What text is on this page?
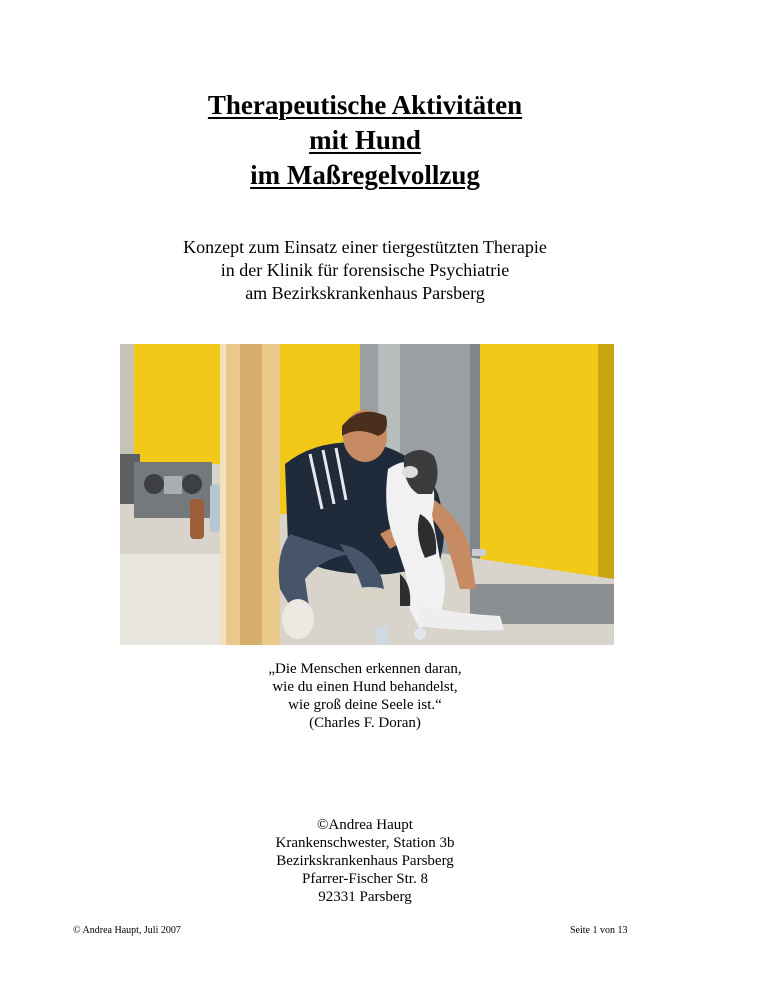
Therapeutische Aktivitäten
mit Hund
im Maßregelvollzug
Konzept zum Einsatz einer tiergestützten Therapie
in der Klinik für forensische Psychiatrie
am Bezirkskrankenhaus Parsberg
„Die Menschen erkennen daran,
wie du einen Hund behandelst,
wie groß deine Seele ist.“
(Charles F. Doran)
©Andrea Haupt
Krankenschwester, Station 3b
Bezirkskrankenhaus Parsberg
Pfarrer-Fischer Str. 8
92331 Parsberg
© Andrea Haupt, Juli 2007	Seite 1 von 13
